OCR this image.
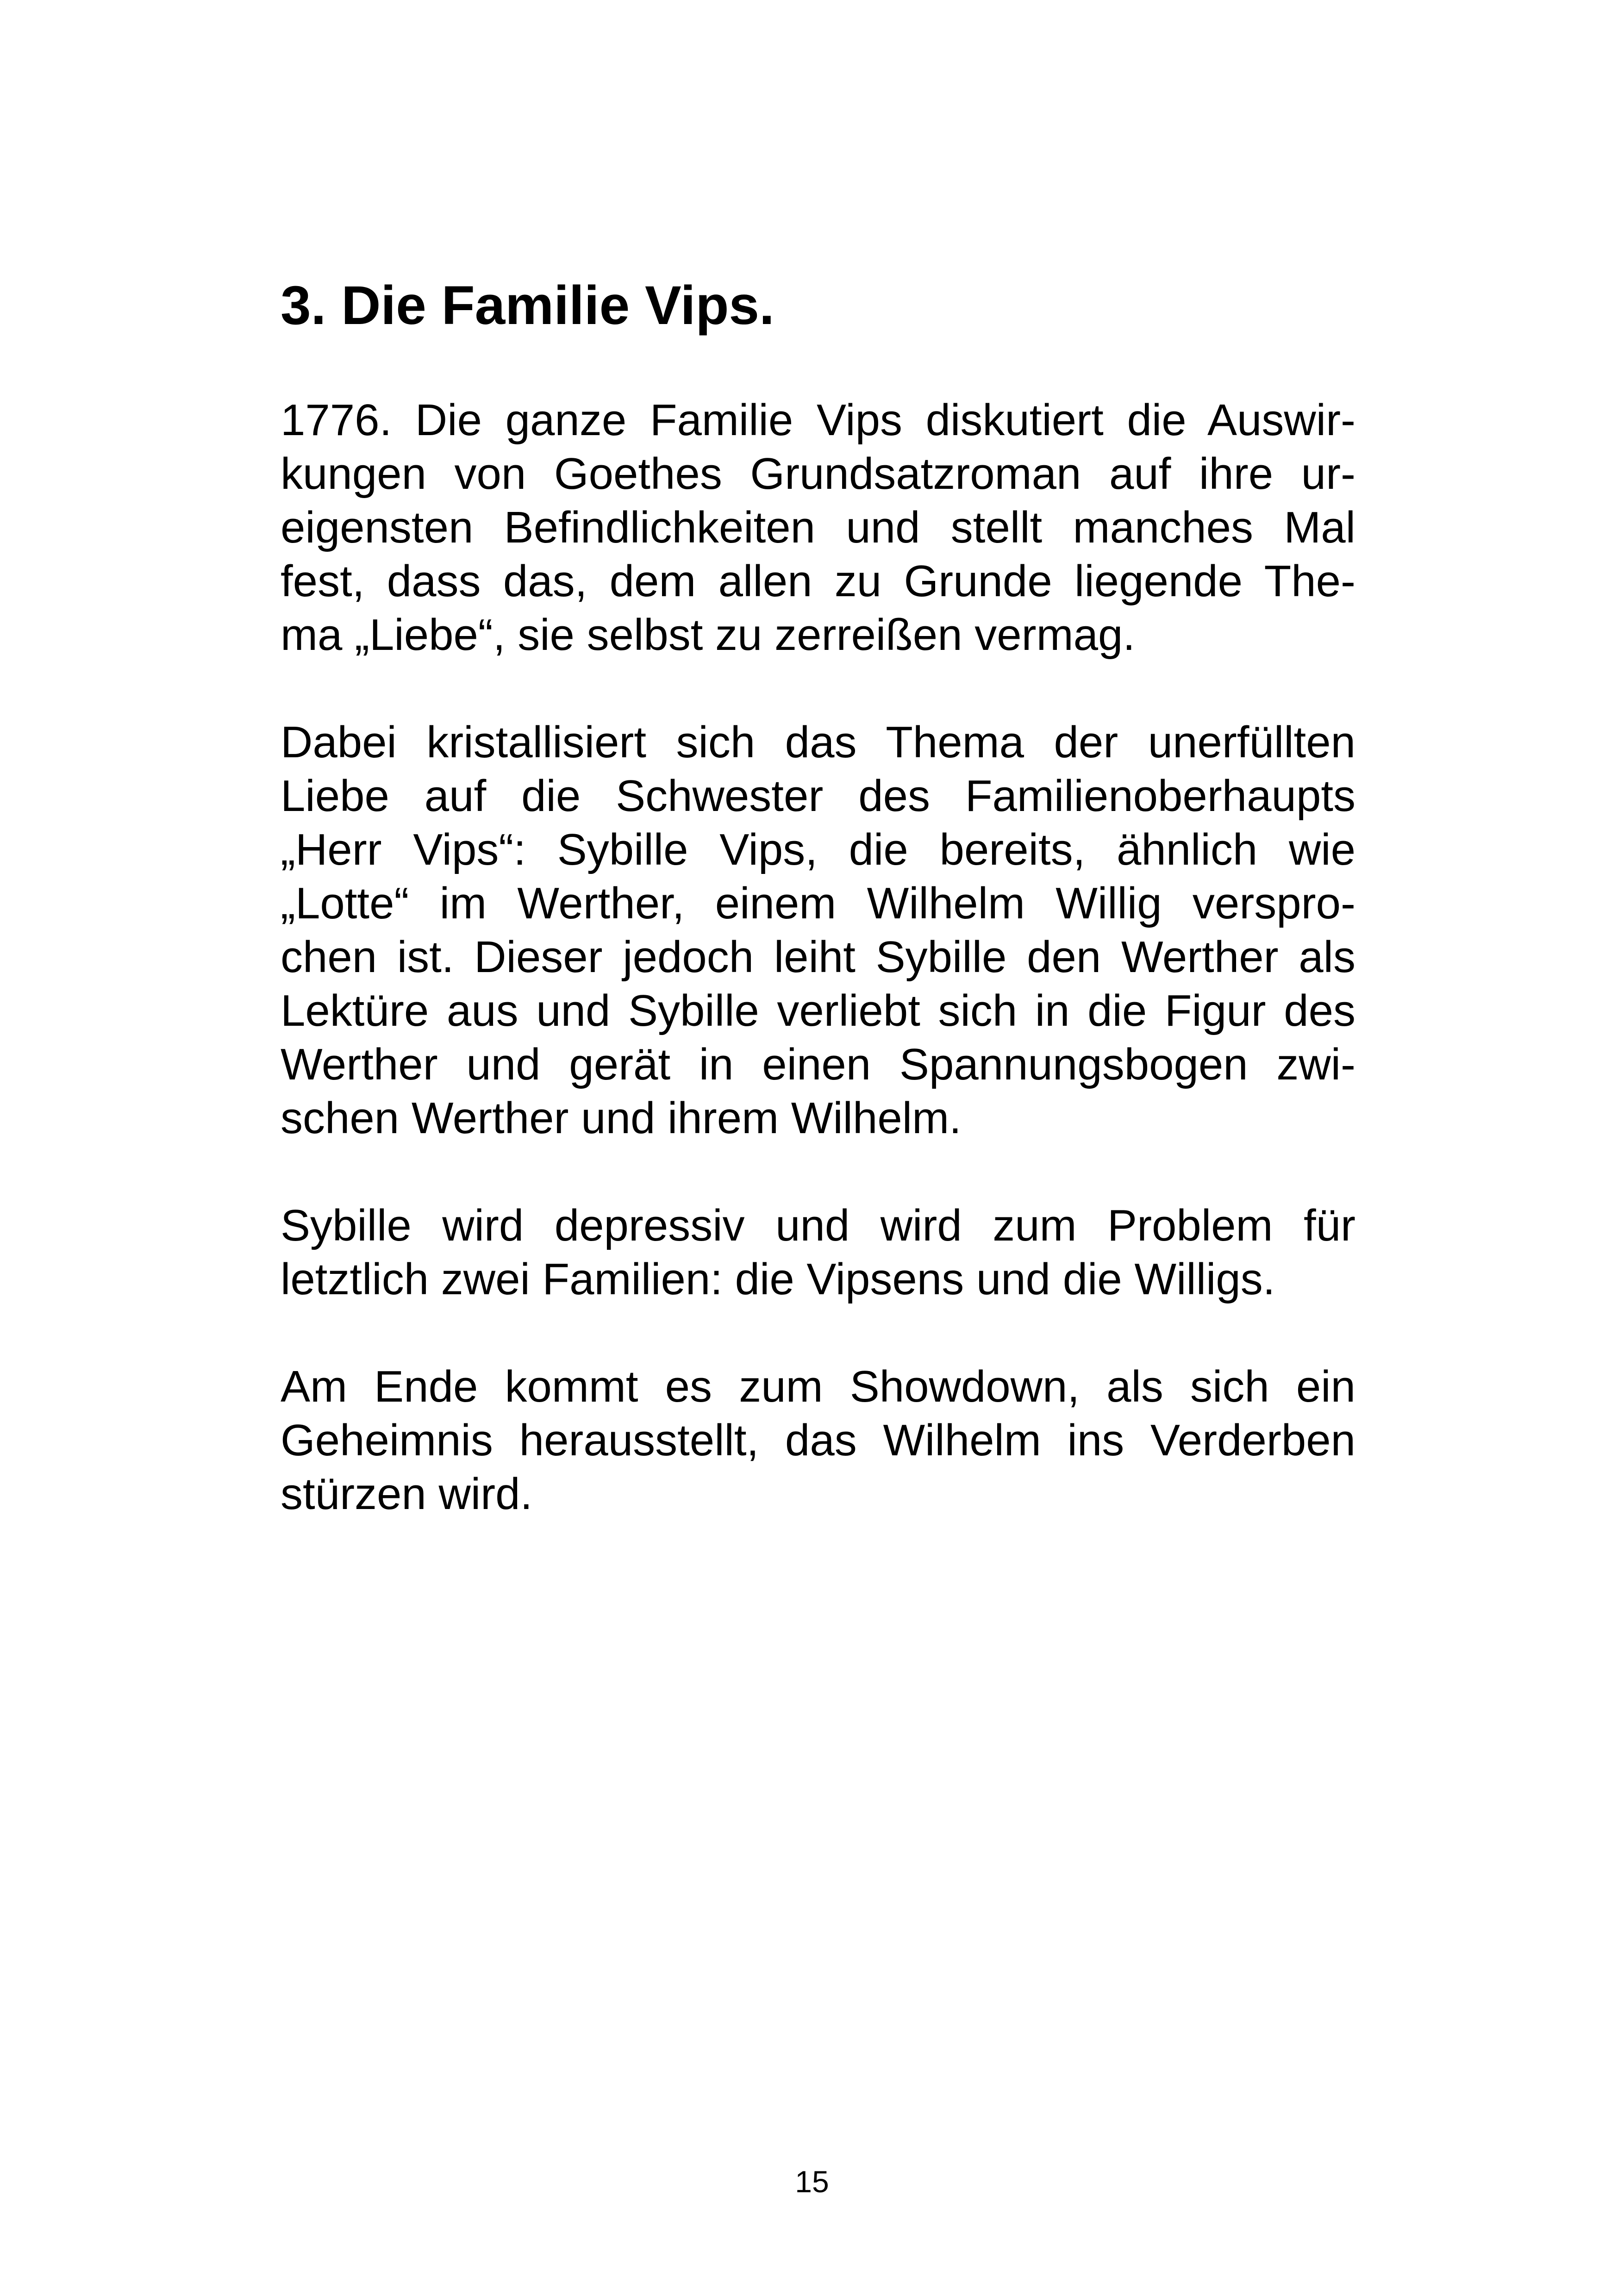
3. Die Familie Vips.

1776. Die ganze Familie Vips diskutiert die Auswir-
kungen von Goethes Grundsatzroman auf ihre ur-
eigensten Befindlichkeiten und stellt manches Mal
fest, dass das, dem allen zu Grunde liegende The-
ma „Liebe“, sie selbst zu zerreißen vermag.

Dabei kristallisiert sich das Thema der unerfüllten
Liebe auf die Schwester des Familienoberhaupts
„Herr Vips“: Sybille Vips, die bereits, ähnlich wie
„Lotte“ im Werther, einem Wilhelm Willig verspro-
chen ist. Dieser jedoch leiht Sybille den Werther als
Lektüre aus und Sybille verliebt sich in die Figur des
Werther und gerät in einen Spannungsbogen zwi-
schen Werther und ihrem Wilhelm.

Sybille wird depressiv und wird zum Problem für
letztlich zwei Familien: die Vipsens und die Willigs.

Am Ende kommt es zum Showdown, als sich ein
Geheimnis herausstellt, das Wilhelm ins Verderben
stürzen wird.

15
